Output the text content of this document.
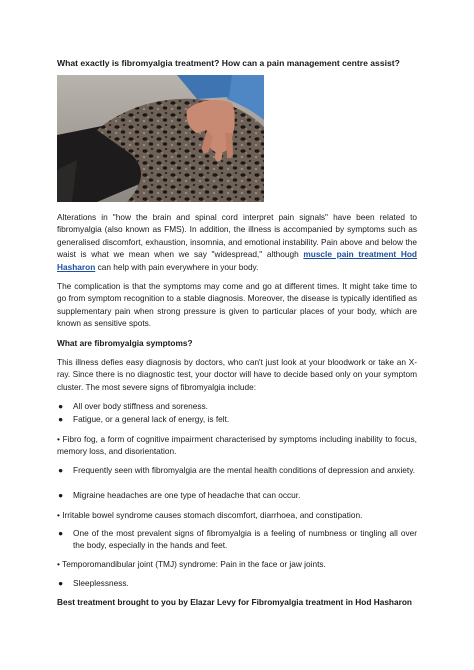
What exactly is fibromyalgia treatment? How can a pain management centre assist?
Alterations in "how the brain and spinal cord interpret pain signals" have been related to fibromyalgia (also known as FMS). In addition, the illness is accompanied by symptoms such as generalised discomfort, exhaustion, insomnia, and emotional instability. Pain above and below the waist is what we mean when we say "widespread," although muscle pain treatment Hod Hasharon can help with pain everywhere in your body.
The complication is that the symptoms may come and go at different times. It might take time to go from symptom recognition to a stable diagnosis. Moreover, the disease is typically identified as supplementary pain when strong pressure is given to particular places of your body, which are known as sensitive spots.
What are fibromyalgia symptoms?
This illness defies easy diagnosis by doctors, who can't just look at your bloodwork or take an X-ray. Since there is no diagnostic test, your doctor will have to decide based only on your symptom cluster. The most severe signs of fibromyalgia include:
● All over body stiffness and soreness.
● Fatigue, or a general lack of energy, is felt.
• Fibro fog, a form of cognitive impairment characterised by symptoms including inability to focus, memory loss, and disorientation.
● Frequently seen with fibromyalgia are the mental health conditions of depression and anxiety.
● Migraine headaches are one type of headache that can occur.
• Irritable bowel syndrome causes stomach discomfort, diarrhoea, and constipation.
● One of the most prevalent signs of fibromyalgia is a feeling of numbness or tingling all over the body, especially in the hands and feet.
• Temporomandibular joint (TMJ) syndrome: Pain in the face or jaw joints.
● Sleeplessness.
Best treatment brought to you by Elazar Levy for Fibromyalgia treatment in Hod Hasharon
